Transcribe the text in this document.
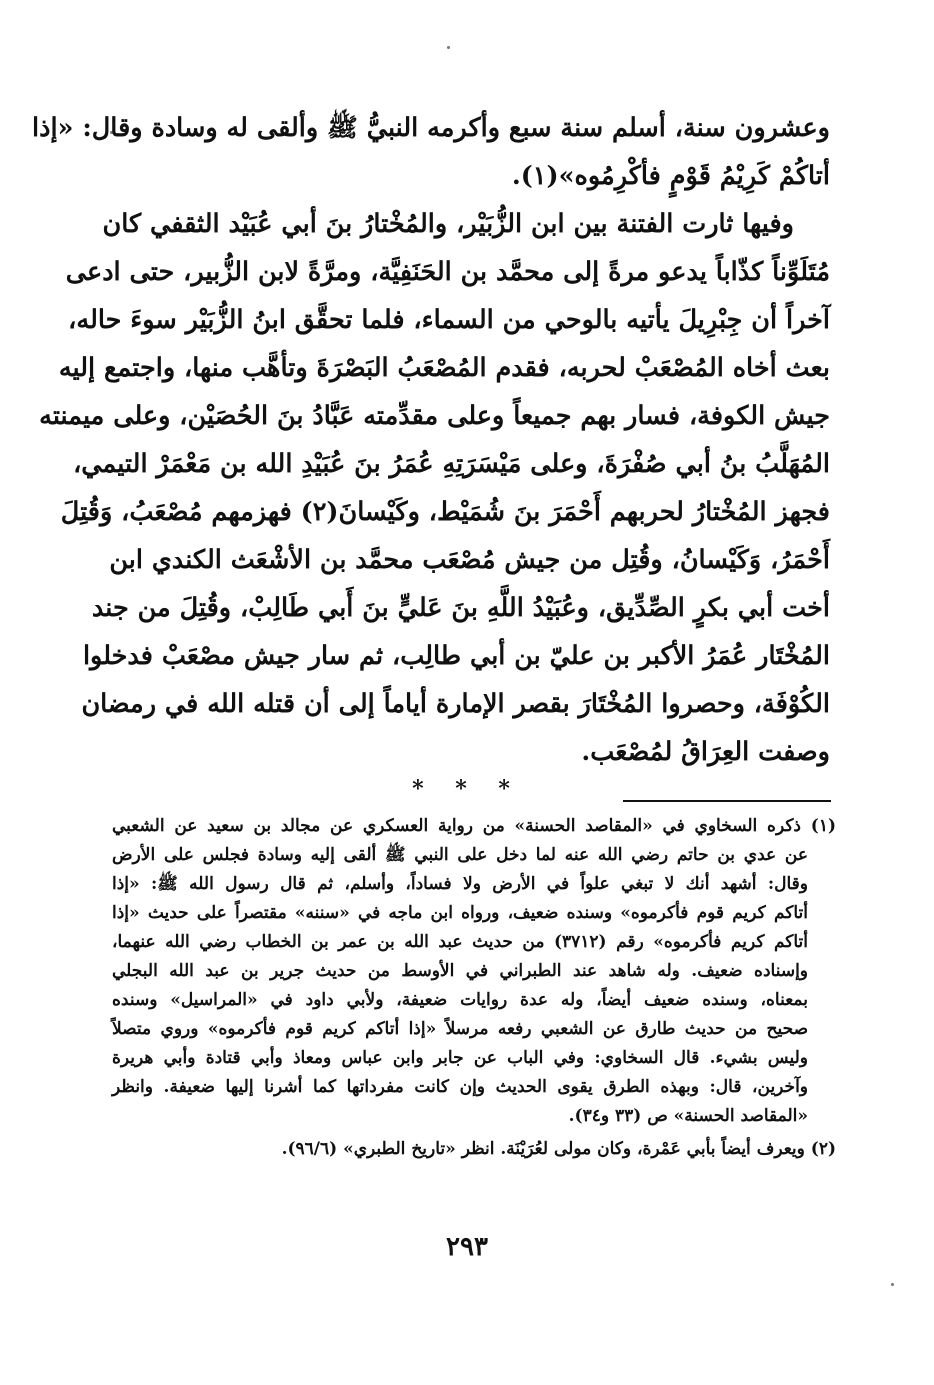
وعشرون سنة، أسلم سنة سبع وأكرمه النبيُّ ﷺ وألقى له وسادة وقال: «إذا
أتاكُمْ كَرِيْمُ قَوْمٍ فأكْرِمُوه»(١).
وفيها ثارت الفتنة بين ابن الزُّبَيْر، والمُخْتارُ بنَ أبي عُبَيْد الثقفي كان
مُتَلَوِّناً كذّاباً يدعو مرةً إلى محمَّد بن الحَنَفِيَّة، ومرَّةً لابن الزُّبير، حتى ادعى
آخراً أن جِبْرِيلَ يأتيه بالوحي من السماء، فلما تحقَّق ابنُ الزُّبَيْر سوءَ حاله،
بعث أخاه المُصْعَبْ لحربه، فقدم المُصْعَبُ البَصْرَةَ وتأهَّب منها، واجتمع إليه
جيش الكوفة، فسار بهم جميعاً وعلى مقدِّمته عَبَّادُ بنَ الحُصَيْن، وعلى ميمنته
المُهَلَّبُ بنُ أبي صُفْرَةَ، وعلى مَيْسَرَتِهِ عُمَرُ بنَ عُبَيْدِ الله بن مَعْمَرْ التيمي،
فجهز المُخْتارُ لحربهم أَحْمَرَ بنَ شُمَيْط، وكَيْسانَ(٢) فهزمهم مُصْعَبُ، وَقُتِلَ
أَحْمَرُ، وَكَيْسانُ، وقُتِل من جيش مُصْعَب محمَّد بن الأشْعَث الكندي ابن
أخت أبي بكرٍ الصِّدِّيق، وعُبَيْدُ اللَّهِ بنَ عَليٍّ بنَ أَبي طَالِبْ، وقُتِلَ من جند
المُخْتَار عُمَرُ الأكبر بن عليّ بن أبي طالِب، ثم سار جيش مصْعَبْ فدخلوا
الكُوْفَة، وحصروا المُخْتَارَ بقصر الإمارة أياماً إلى أن قتله الله في رمضان
وصفت العِرَاقُ لمُصْعَب.
* * *
(١) ذكره السخاوي في «المقاصد الحسنة» من رواية العسكري عن مجالد بن سعيد عن الشعبي
عن عدي بن حاتم رضي الله عنه لما دخل على النبي ﷺ ألقى إليه وسادة فجلس على الأرض
وقال: أشهد أنك لا تبغي علواً في الأرض ولا فساداً، وأسلم، ثم قال رسول الله ﷺ: «إذا
أتاكم كريم قوم فأكرموه» وسنده ضعيف، ورواه ابن ماجه في «سننه» مقتصراً على حديث «إذا
أتاكم كريم فأكرموه» رقم (٣٧١٢) من حديث عبد الله بن عمر بن الخطاب رضي الله عنهما،
وإسناده ضعيف. وله شاهد عند الطبراني في الأوسط من حديث جرير بن عبد الله البجلي
بمعناه، وسنده ضعيف أيضاً، وله عدة روايات ضعيفة، ولأبي داود في «المراسيل» وسنده
صحيح من حديث طارق عن الشعبي رفعه مرسلاً «إذا أتاكم كريم قوم فأكرموه» وروي متصلاً
وليس بشيء. قال السخاوي: وفي الباب عن جابر وابن عباس ومعاذ وأبي قتادة وأبي هريرة
وآخرين، قال: وبهذه الطرق يقوى الحديث وإن كانت مفرداتها كما أشرنا إليها ضعيفة. وانظر
«المقاصد الحسنة» ص (٣٣ و٣٤).
(٢) ويعرف أيضاً بأبي عَمْرة، وكان مولى لعُرَيْنَة. انظر «تاريخ الطبري» (٩٦/٦).
٢٩٣
